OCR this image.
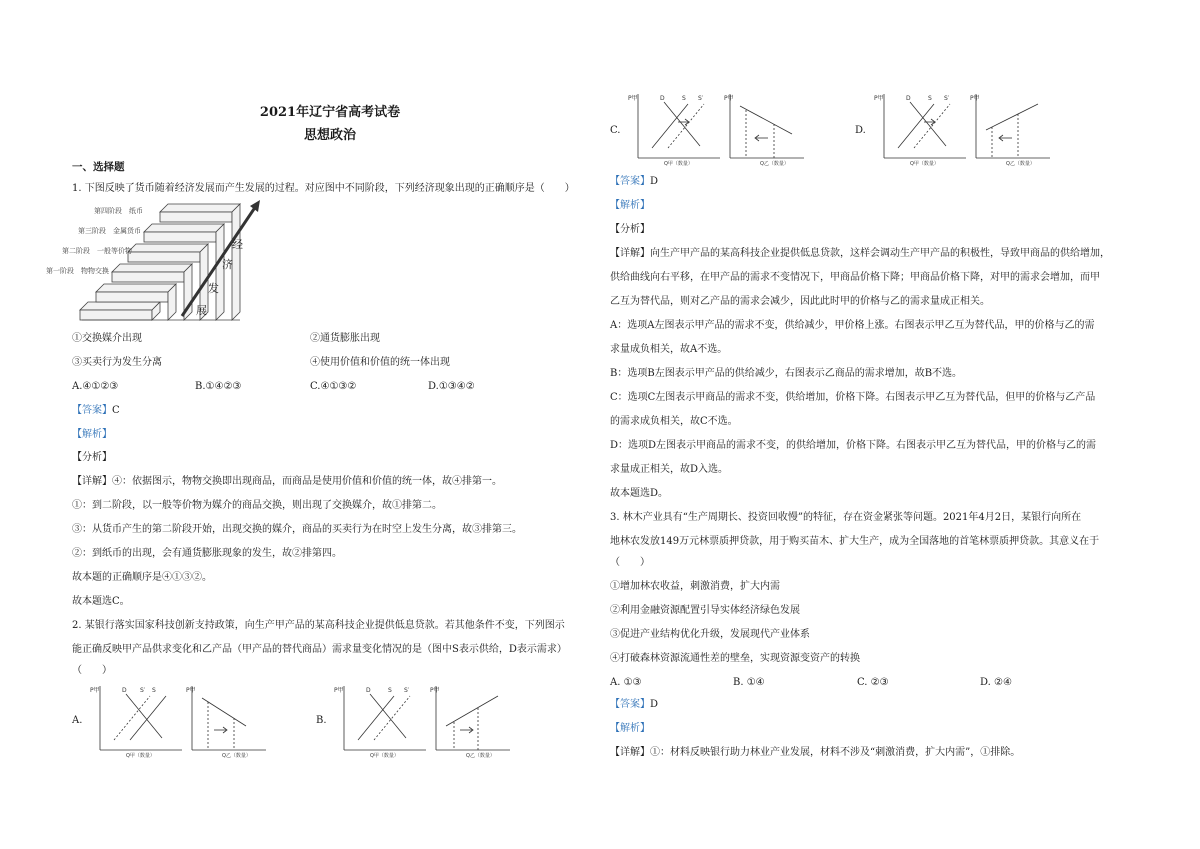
2021年辽宁省高考试卷
思想政治
一、选择题
1. 下图反映了货币随着经济发展而产生发展的过程。对应图中不同阶段，下列经济现象出现的正确顺序是（　　）
第四阶段　纸币
第三阶段　金属货币
第二阶段　一般等价物
第一阶段　物物交换
经
济
发
展
①交换媒介出现	②通货膨胀出现
③买卖行为发生分离	④使用价值和价值的统一体出现
A.④①②③	B.①④②③	C.④①③②	D.①③④②
【答案】C
【解析】
【分析】
【详解】④：依据图示，物物交换即出现商品，而商品是使用价值和价值的统一体，故④排第一。
①：到二阶段，以一般等价物为媒介的商品交换，则出现了交换媒介，故①排第二。
③：从货币产生的第二阶段开始，出现交换的媒介，商品的买卖行为在时空上发生分离，故③排第三。
②：到纸币的出现，会有通货膨胀现象的发生，故②排第四。
故本题的正确顺序是④①③②。
故本题选C。
2. 某银行落实国家科技创新支持政策，向生产甲产品的某高科技企业提供低息贷款。若其他条件不变，下列图示
能正确反映甲产品供求变化和乙产品（甲产品的替代商品）需求量变化情况的是（图中S表示供给，D表示需求）
（　　）
A.
P甲	D	S
S′
Q甲（数量）
P甲
Q乙（数量）
B.
P甲	D	S S′
Q甲（数量）
P甲
Q乙（数量）
C.
P甲	D	S S′
Q甲（数量）
P甲
Q乙（数量）
D.
P甲	D	S S′
Q甲（数量）
P甲
Q乙（数量）
【答案】D
【解析】
【分析】
【详解】向生产甲产品的某高科技企业提供低息贷款，这样会调动生产甲产品的积极性，导致甲商品的供给增加，
供给曲线向右平移，在甲产品的需求不变情况下，甲商品价格下降；甲商品价格下降，对甲的需求会增加，而甲
乙互为替代品，则对乙产品的需求会减少，因此此时甲的价格与乙的需求量成正相关。
A：选项A左图表示甲产品的需求不变，供给减少，甲价格上涨。右图表示甲乙互为替代品，甲的价格与乙的需
求量成负相关，故A不选。
B：选项B左图表示甲产品的供给减少，右图表示乙商品的需求增加，故B不选。
C：选项C左图表示甲商品的需求不变，供给增加，价格下降。右图表示甲乙互为替代品，但甲的价格与乙产品
的需求成负相关，故C不选。
D：选项D左图表示甲商品的需求不变，的供给增加，价格下降。右图表示甲乙互为替代品，甲的价格与乙的需
求量成正相关，故D入选。
故本题选D。
3. 林木产业具有“生产周期长、投资回收慢”的特征，存在资金紧张等问题。2021年4月2日，某银行向所在
地林农发放149万元林票质押贷款，用于购买苗木、扩大生产，成为全国落地的首笔林票质押贷款。其意义在于
（　　）
①增加林农收益，刺激消费，扩大内需
②利用金融资源配置引导实体经济绿色发展
③促进产业结构优化升级，发展现代产业体系
④打破森林资源流通性差的壁垒，实现资源变资产的转换
A. ①③	B. ①④	C. ②③	D. ②④
【答案】D
【解析】
【详解】①：材料反映银行助力林业产业发展，材料不涉及“刺激消费，扩大内需”，①排除。
